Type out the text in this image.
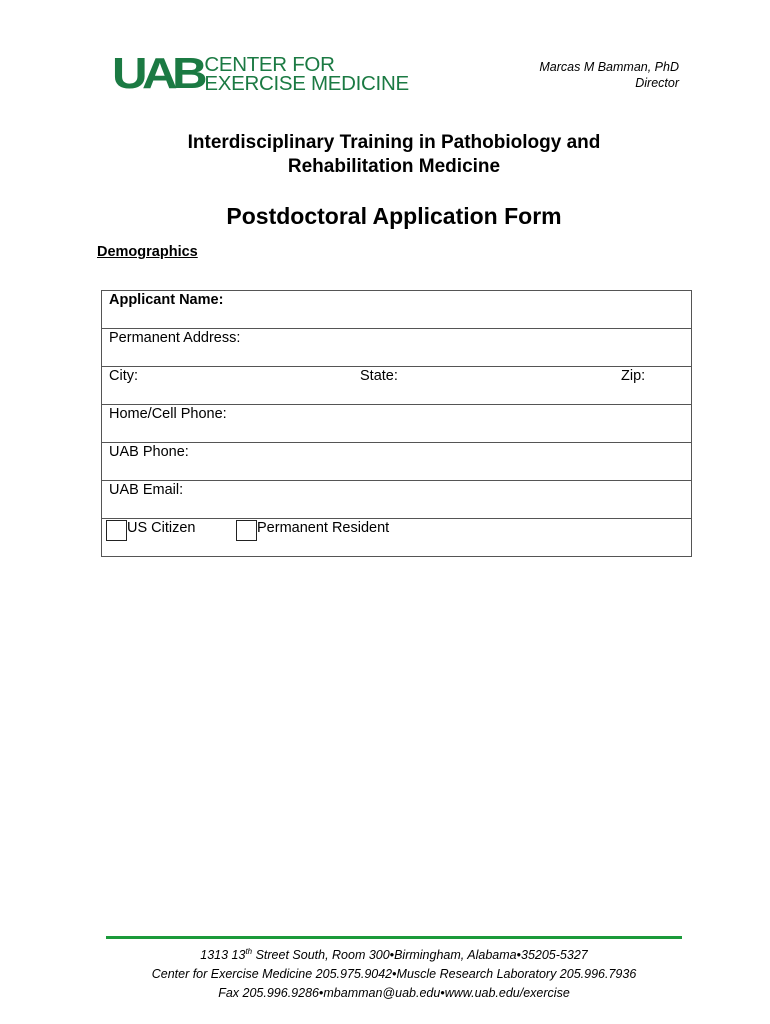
UAB CENTER FOR
EXERCISE MEDICINE
Marcas M Bamman, PhD
Director
Interdisciplinary Training in Pathobiology and
Rehabilitation Medicine
Postdoctoral Application Form
Demographics
Applicant Name:
Permanent Address:
City:	State:	Zip:
Home/Cell Phone:
UAB Phone:
UAB Email:
US Citizen	Permanent Resident
1313 13th Street South, Room 300•Birmingham, Alabama•35205-5327
Center for Exercise Medicine 205.975.9042•Muscle Research Laboratory 205.996.7936
Fax 205.996.9286•mbamman@uab.edu•www.uab.edu/exercise
